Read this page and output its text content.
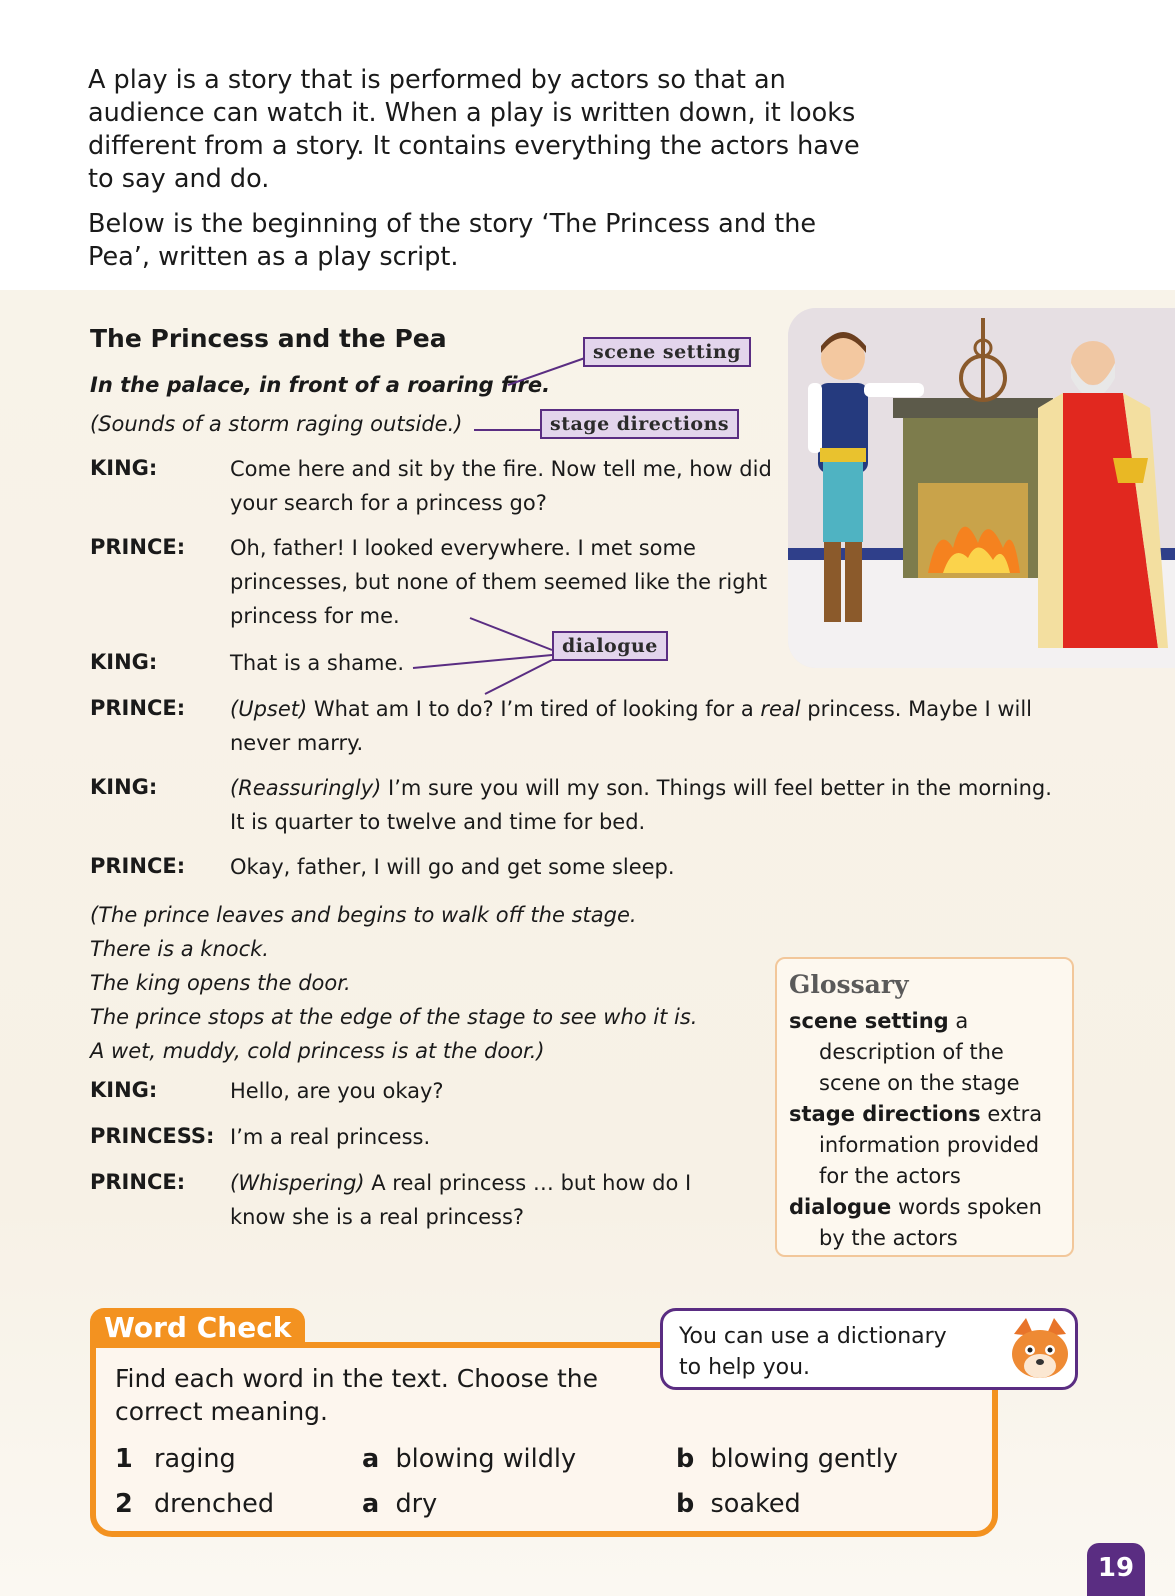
A play is a story that is performed by actors so that an audience can watch it. When a play is written down, it looks different from a story. It contains everything the actors have to say and do.

Below is the beginning of the story ‘The Princess and the Pea’, written as a play script.

The Princess and the Pea
In the palace, in front of a roaring fire.
(Sounds of a storm raging outside.)
scene setting
stage directions
dialogue
KING:	Come here and sit by the fire. Now tell me, how did
your search for a princess go?
PRINCE: Oh, father! I looked everywhere. I met some
princesses, but none of them seemed like the right
princess for me.
KING:	That is a shame.
PRINCE: (Upset) What am I to do? I’m tired of looking for a real princess. Maybe I will
never marry.
KING:	(Reassuringly) I’m sure you will my son. Things will feel better in the morning.
It is quarter to twelve and time for bed.
PRINCE: Okay, father, I will go and get some sleep.
(The prince leaves and begins to walk off the stage.
There is a knock.
The king opens the door.
The prince stops at the edge of the stage to see who it is.
A wet, muddy, cold princess is at the door.)
KING:	Hello, are you okay?
PRINCESS: I’m a real princess.
PRINCE: (Whispering) A real princess … but how do I
know she is a real princess?
Glossary
scene setting a
description of the
scene on the stage
stage directions extra
information provided
for the actors
dialogue words spoken
by the actors
Word Check
Find each word in the text. Choose the
correct meaning.
1 raging	a blowing wildly	b blowing gently
2 drenched	a dry	b soaked
You can use a dictionary
to help you.
19
